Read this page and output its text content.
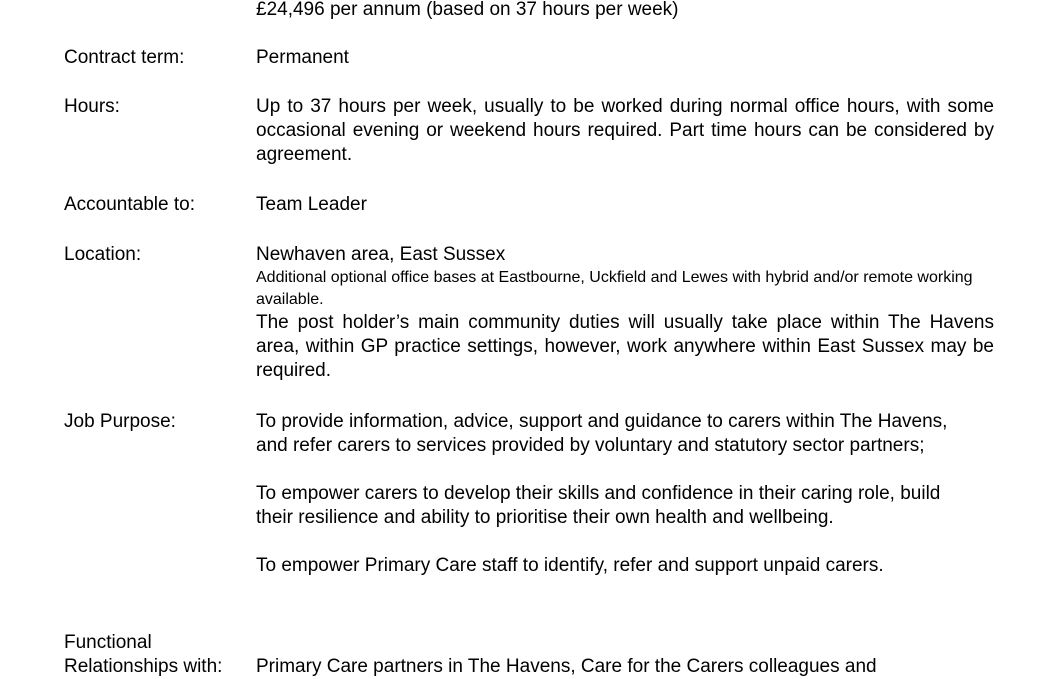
£24,496 per annum (based on 37 hours per week)
Contract term:	Permanent
Hours:	Up to 37 hours per week, usually to be worked during normal office hours, with some occasional evening or weekend hours required. Part time hours can be considered by agreement.
Accountable to:	Team Leader
Location:	Newhaven area, East Sussex

Additional optional office bases at Eastbourne, Uckfield and Lewes with hybrid and/or remote working available.

The post holder’s main community duties will usually take place within The Havens area, within GP practice settings, however, work anywhere within East Sussex may be required.

Job Purpose:	To provide information, advice, support and guidance to carers within The Havens, and refer carers to services provided by voluntary and statutory sector partners;

To empower carers to develop their skills and confidence in their caring role, build their resilience and ability to prioritise their own health and wellbeing.

To empower Primary Care staff to identify, refer and support unpaid carers.

Functional
Relationships with:	Primary Care partners in The Havens, Care for the Carers colleagues and
